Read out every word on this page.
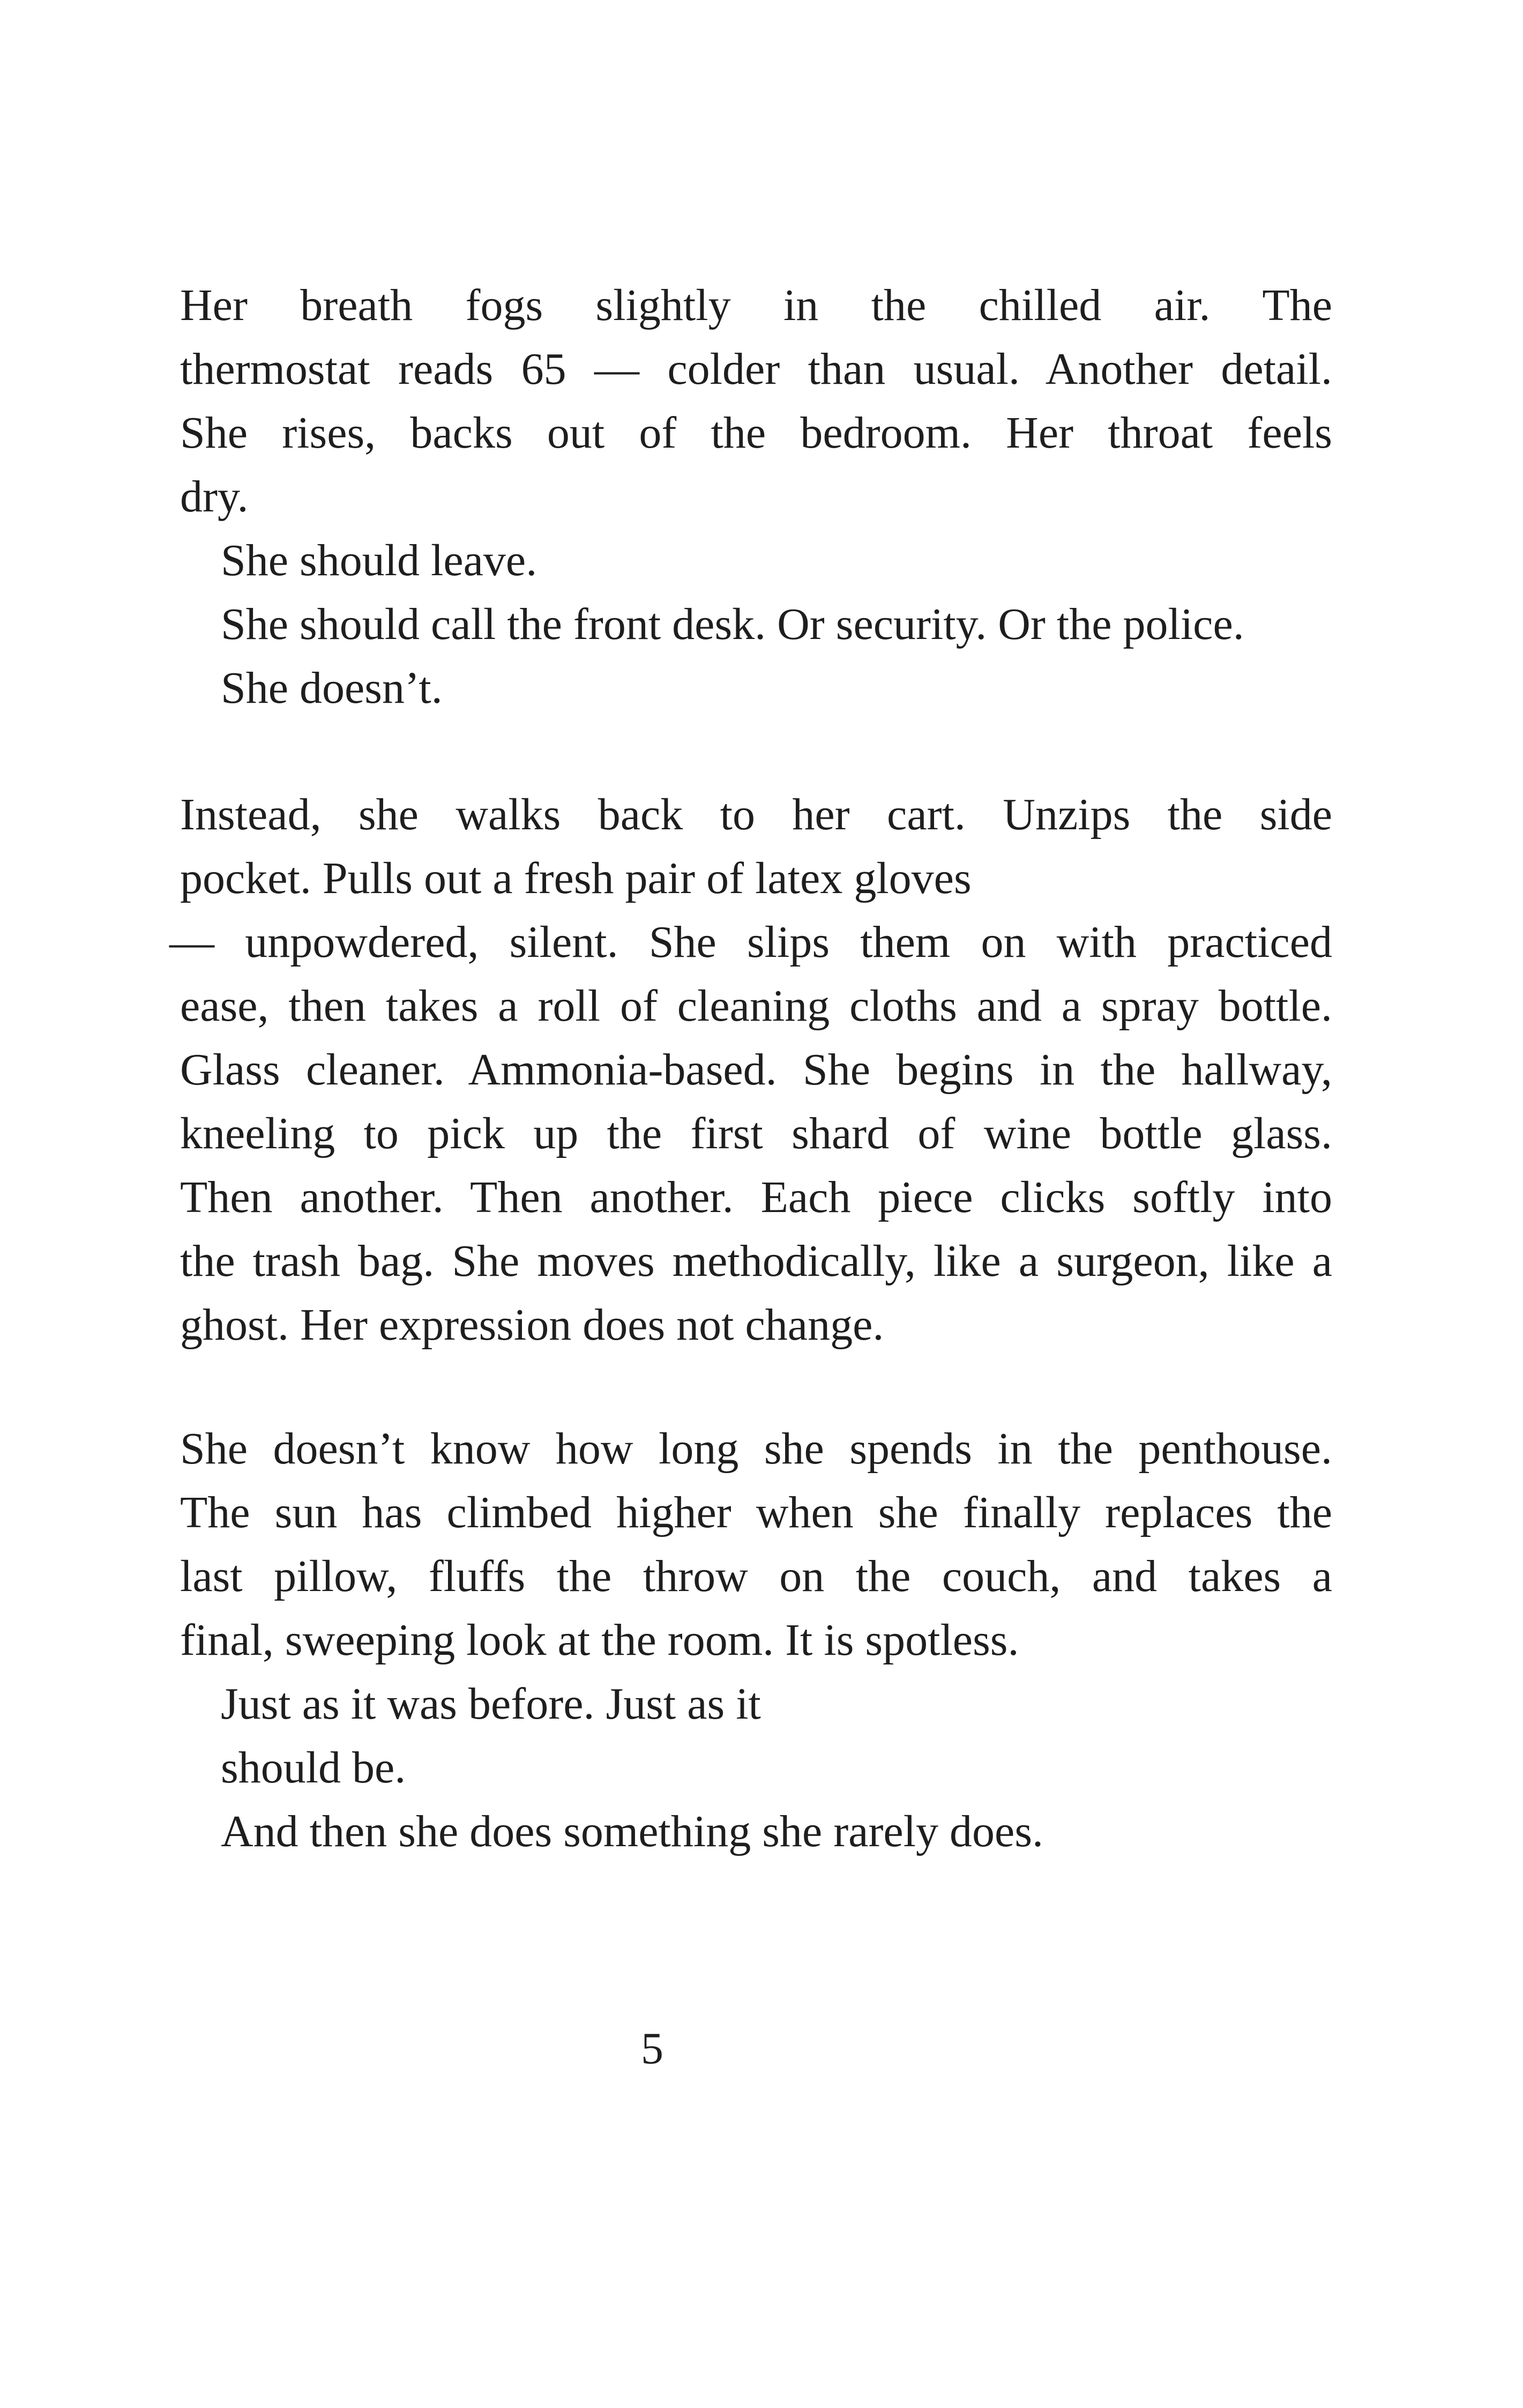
Her breath fogs slightly in the chilled air. The
thermostat reads 65 — colder than usual. Another detail.
She rises, backs out of the bedroom. Her throat feels
dry.

She should leave.

She should call the front desk. Or security. Or the police.

She doesn’t.

Instead, she walks back to her cart. Unzips the side
pocket. Pulls out a fresh pair of latex gloves
— unpowdered, silent. She slips them on with practiced
ease, then takes a roll of cleaning cloths and a spray bottle.
Glass cleaner. Ammonia-based. She begins in the hallway,
kneeling to pick up the first shard of wine bottle glass.
Then another. Then another. Each piece clicks softly into
the trash bag. She moves methodically, like a surgeon, like a
ghost. Her expression does not change.

She doesn’t know how long she spends in the penthouse.
The sun has climbed higher when she finally replaces the
last pillow, fluffs the throw on the couch, and takes a
final, sweeping look at the room. It is spotless.

Just as it was before. Just as it

should be.

And then she does something she rarely does.

5
